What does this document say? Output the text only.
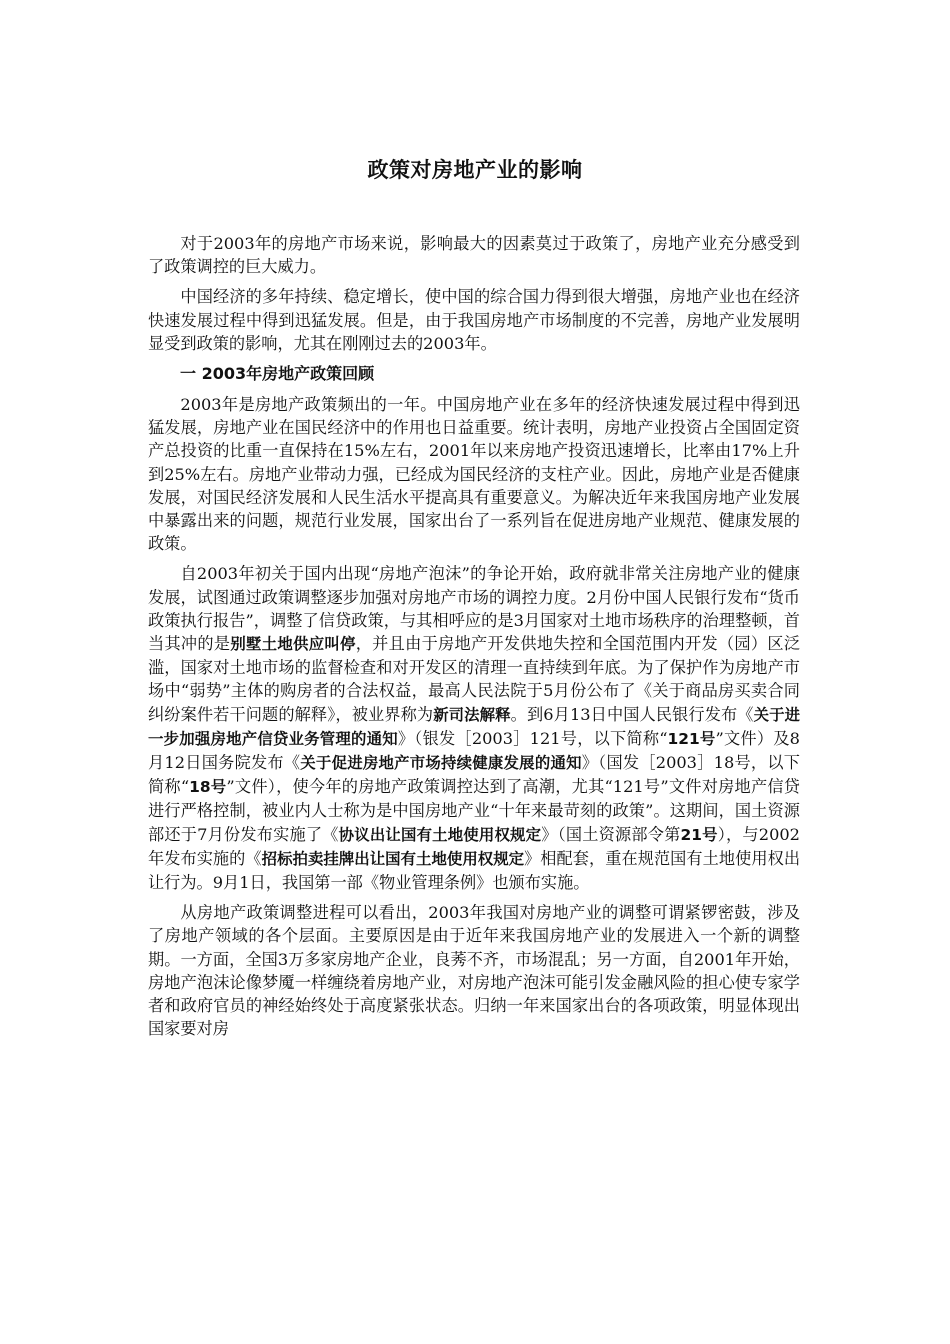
政策对房地产业的影响

对于2003年的房地产市场来说，影响最大的因素莫过于政策了，房地产业充分感受到了政策调控的巨大威力。

中国经济的多年持续、稳定增长，使中国的综合国力得到很大增强，房地产业也在经济快速发展过程中得到迅猛发展。但是，由于我国房地产市场制度的不完善，房地产业发展明显受到政策的影响，尤其在刚刚过去的2003年。

一 2003年房地产政策回顾

2003年是房地产政策频出的一年。中国房地产业在多年的经济快速发展过程中得到迅猛发展，房地产业在国民经济中的作用也日益重要。统计表明，房地产业投资占全国固定资产总投资的比重一直保持在15%左右，2001年以来房地产投资迅速增长，比率由17%上升到25%左右。房地产业带动力强，已经成为国民经济的支柱产业。因此，房地产业是否健康发展，对国民经济发展和人民生活水平提高具有重要意义。为解决近年来我国房地产业发展中暴露出来的问题，规范行业发展，国家出台了一系列旨在促进房地产业规范、健康发展的政策。

自2003年初关于国内出现“房地产泡沫”的争论开始，政府就非常关注房地产业的健康发展，试图通过政策调整逐步加强对房地产市场的调控力度。2月份中国人民银行发布“货币政策执行报告”，调整了信贷政策，与其相呼应的是3月国家对土地市场秩序的治理整顿，首当其冲的是别墅土地供应叫停，并且由于房地产开发供地失控和全国范围内开发（园）区泛滥，国家对土地市场的监督检查和对开发区的清理一直持续到年底。为了保护作为房地产市场中“弱势”主体的购房者的合法权益，最高人民法院于5月份公布了《关于商品房买卖合同纠纷案件若干问题的解释》，被业界称为新司法解释。到6月13日中国人民银行发布《关于进一步加强房地产信贷业务管理的通知》（银发［2003］121号，以下简称“121号”文件）及8月12日国务院发布《关于促进房地产市场持续健康发展的通知》（国发［2003］18号，以下简称“18号”文件），使今年的房地产政策调控达到了高潮，尤其“121号”文件对房地产信贷进行严格控制，被业内人士称为是中国房地产业“十年来最苛刻的政策”。这期间，国土资源部还于7月份发布实施了《协议出让国有土地使用权规定》（国土资源部令第21号），与2002年发布实施的《招标拍卖挂牌出让国有土地使用权规定》相配套，重在规范国有土地使用权出让行为。9月1日，我国第一部《物业管理条例》也颁布实施。

从房地产政策调整进程可以看出，2003年我国对房地产业的调整可谓紧锣密鼓，涉及了房地产领域的各个层面。主要原因是由于近年来我国房地产业的发展进入一个新的调整期。一方面，全国3万多家房地产企业，良莠不齐，市场混乱；另一方面，自2001年开始，房地产泡沫论像梦魇一样缠绕着房地产业，对房地产泡沫可能引发金融风险的担心使专家学者和政府官员的神经始终处于高度紧张状态。归纳一年来国家出台的各项政策，明显体现出国家要对房
